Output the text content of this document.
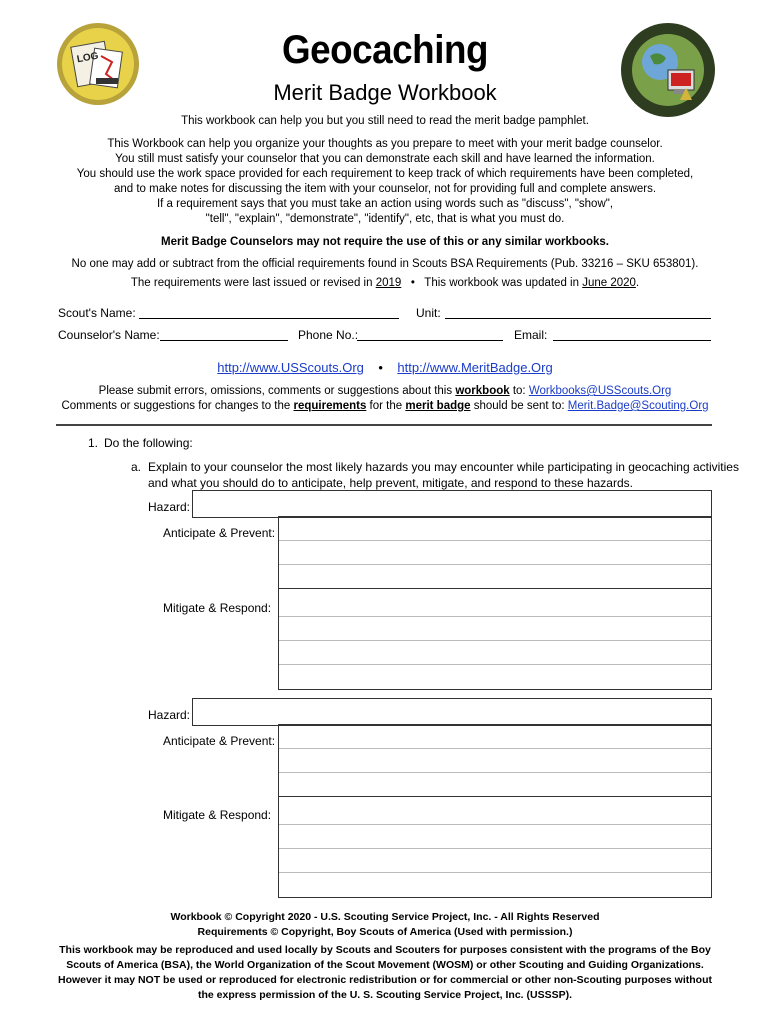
LOG	Geocaching
Merit Badge Workbook
This workbook can help you but you still need to read the merit badge pamphlet.
This Workbook can help you organize your thoughts as you prepare to meet with your merit badge counselor.
You still must satisfy your counselor that you can demonstrate each skill and have learned the information.
You should use the work space provided for each requirement to keep track of which requirements have been completed,
and to make notes for discussing the item with your counselor, not for providing full and complete answers.
If a requirement says that you must take an action using words such as "discuss", "show",
"tell", "explain", "demonstrate", "identify", etc, that is what you must do.
Merit Badge Counselors may not require the use of this or any similar workbooks.
No one may add or subtract from the official requirements found in Scouts BSA Requirements (Pub. 33216 – SKU 653801).
The requirements were last issued or revised in 2019 • This workbook was updated in June 2020.
Scout's Name:	Unit:
Counselor's Name:	Phone No.:	Email:
http://www.USScouts.Org • http://www.MeritBadge.Org
Please submit errors, omissions, comments or suggestions about this workbook to: Workbooks@USScouts.Org
Comments or suggestions for changes to the requirements for the merit badge should be sent to: Merit.Badge@Scouting.Org
1. Do the following:
a. Explain to your counselor the most likely hazards you may encounter while participating in geocaching activities
and what you should do to anticipate, help prevent, mitigate, and respond to these hazards.
Hazard:
Anticipate & Prevent:
Mitigate & Respond:
Hazard:
Anticipate & Prevent:
Mitigate & Respond:
Workbook © Copyright 2020 - U.S. Scouting Service Project, Inc. - All Rights Reserved
Requirements © Copyright, Boy Scouts of America (Used with permission.)
This workbook may be reproduced and used locally by Scouts and Scouters for purposes consistent with the programs of the Boy
Scouts of America (BSA), the World Organization of the Scout Movement (WOSM) or other Scouting and Guiding Organizations.
However it may NOT be used or reproduced for electronic redistribution or for commercial or other non-Scouting purposes without
the express permission of the U. S. Scouting Service Project, Inc. (USSSP).
